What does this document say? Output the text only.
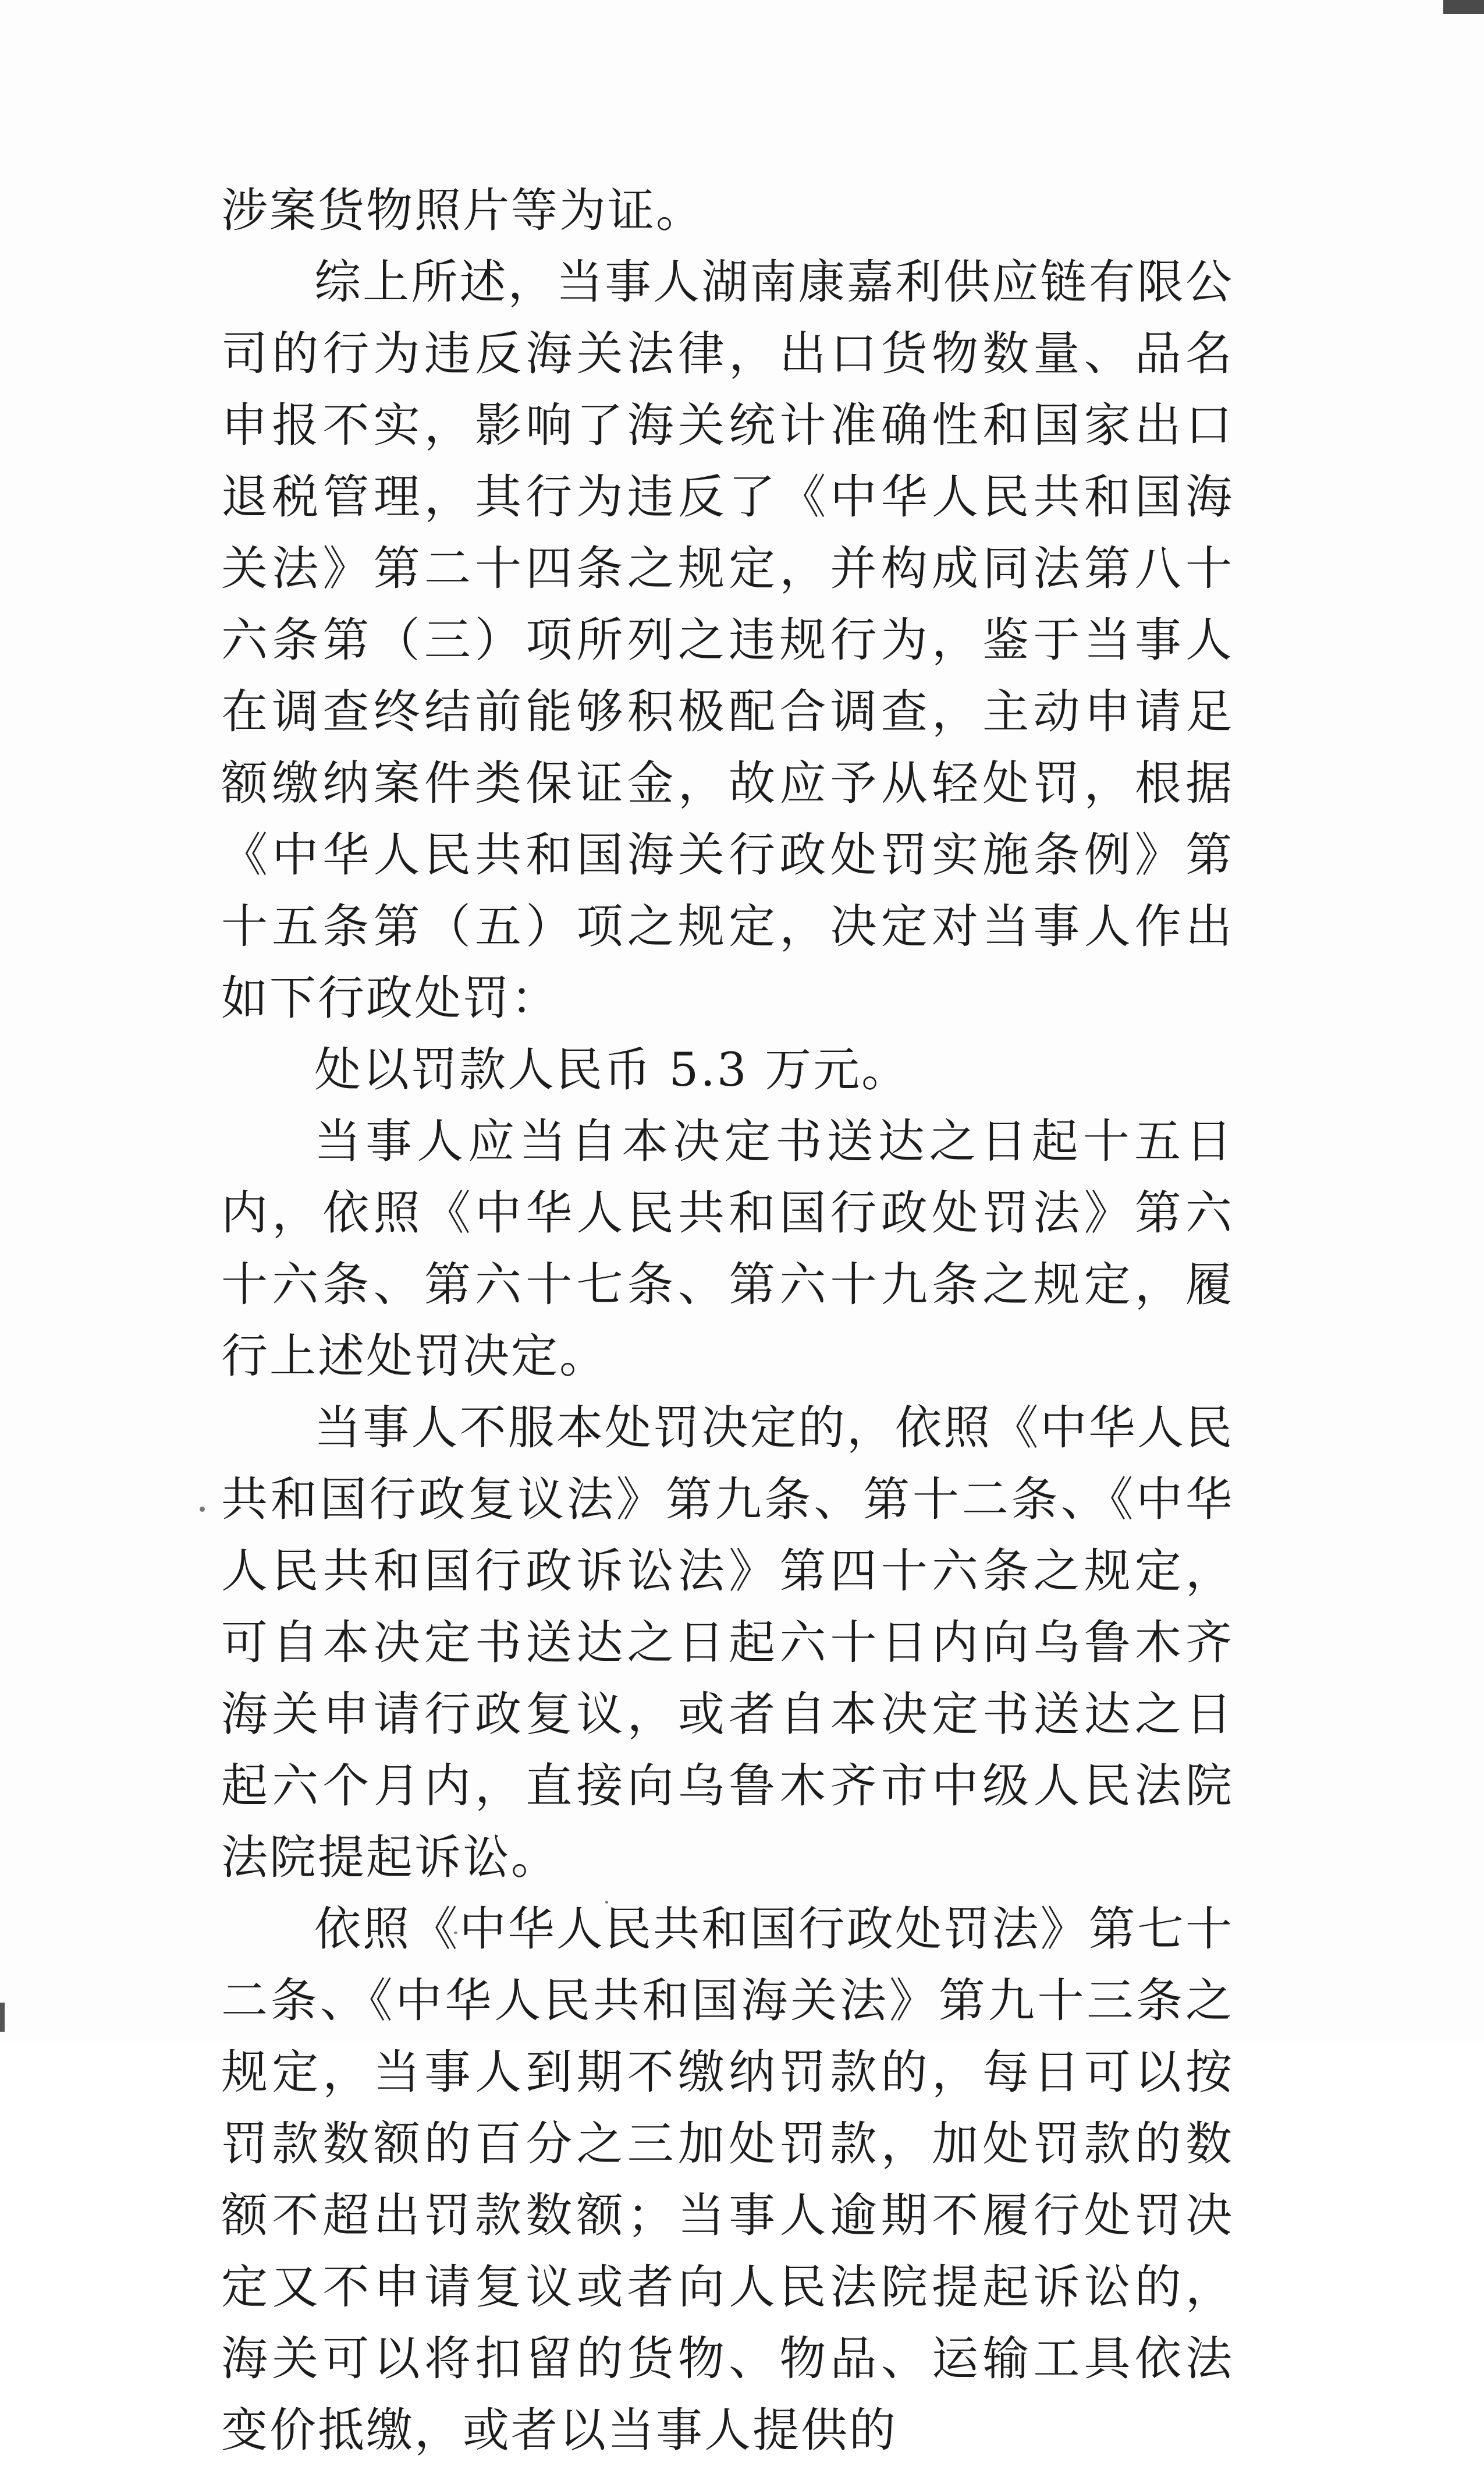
涉案货物照片等为证。

综上所述，当事人湖南康嘉利供应链有限公司的行为违反海关法律，出口货物数量、品名申报不实，影响了海关统计准确性和国家出口退税管理，其行为违反了《中华人民共和国海关法》第二十四条之规定，并构成同法第八十六条第（三）项所列之违规行为，鉴于当事人在调查终结前能够积极配合调查，主动申请足额缴纳案件类保证金，故应予从轻处罚，根据《中华人民共和国海关行政处罚实施条例》第十五条第（五）项之规定，决定对当事人作出如下行政处罚：

处以罚款人民币 5.3 万元。

当事人应当自本决定书送达之日起十五日内，依照《中华人民共和国行政处罚法》第六十六条、第六十七条、第六十九条之规定，履行上述处罚决定。

当事人不服本处罚决定的，依照《中华人民共和国行政复议法》第九条、第十二条、《中华人民共和国行政诉讼法》第四十六条之规定，可自本决定书送达之日起六十日内向乌鲁木齐海关申请行政复议，或者自本决定书送达之日起六个月内，直接向乌鲁木齐市中级人民法院法院提起诉讼。

依照《中华人民共和国行政处罚法》第七十二条、《中华人民共和国海关法》第九十三条之规定，当事人到期不缴纳罚款的，每日可以按罚款数额的百分之三加处罚款，加处罚款的数额不超出罚款数额；当事人逾期不履行处罚决定又不申请复议或者向人民法院提起诉讼的，海关可以将扣留的货物、物品、运输工具依法变价抵缴，或者以当事人提供的
